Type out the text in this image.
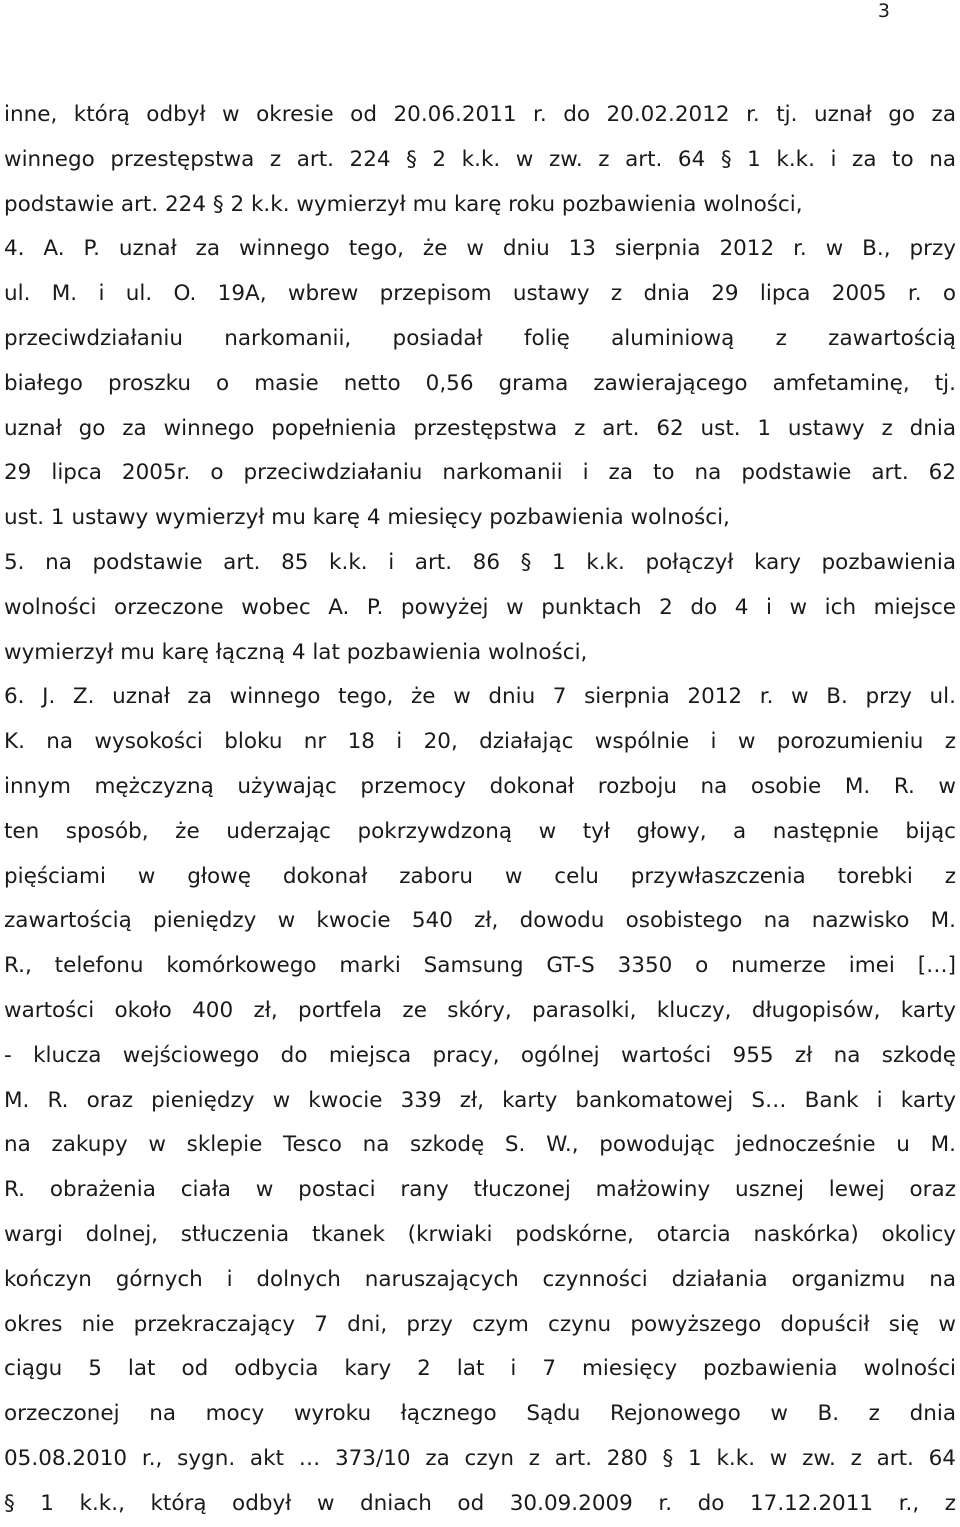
3
inne, którą odbył w okresie od 20.06.2011 r. do 20.02.2012 r. tj. uznał go za
winnego przestępstwa z art. 224 § 2 k.k. w zw. z art. 64 § 1 k.k. i za to na
podstawie art. 224 § 2 k.k. wymierzył mu karę roku pozbawienia wolności,
4. A. P. uznał za winnego tego, że w dniu 13 sierpnia 2012 r. w B., przy
ul. M. i ul. O. 19A, wbrew przepisom ustawy z dnia 29 lipca 2005 r. o
przeciwdziałaniu narkomanii, posiadał folię aluminiową z zawartością
białego proszku o masie netto 0,56 grama zawierającego amfetaminę, tj.
uznał go za winnego popełnienia przestępstwa z art. 62 ust. 1 ustawy z dnia
29 lipca 2005r. o przeciwdziałaniu narkomanii i za to na podstawie art. 62
ust. 1 ustawy wymierzył mu karę 4 miesięcy pozbawienia wolności,
5. na podstawie art. 85 k.k. i art. 86 § 1 k.k. połączył kary pozbawienia
wolności orzeczone wobec A. P. powyżej w punktach 2 do 4 i w ich miejsce
wymierzył mu karę łączną 4 lat pozbawienia wolności,
6. J. Z. uznał za winnego tego, że w dniu 7 sierpnia 2012 r. w B. przy ul.
K. na wysokości bloku nr 18 i 20, działając wspólnie i w porozumieniu z
innym mężczyzną używając przemocy dokonał rozboju na osobie M. R. w
ten sposób, że uderzając pokrzywdzoną w tył głowy, a następnie bijąc
pięściami w głowę dokonał zaboru w celu przywłaszczenia torebki z
zawartością pieniędzy w kwocie 540 zł, dowodu osobistego na nazwisko M.
R., telefonu komórkowego marki Samsung GT-S 3350 o numerze imei […]
wartości około 400 zł, portfela ze skóry, parasolki, kluczy, długopisów, karty
- klucza wejściowego do miejsca pracy, ogólnej wartości 955 zł na szkodę
M. R. oraz pieniędzy w kwocie 339 zł, karty bankomatowej S… Bank i karty
na zakupy w sklepie Tesco na szkodę S. W., powodując jednocześnie u M.
R. obrażenia ciała w postaci rany tłuczonej małżowiny usznej lewej oraz
wargi dolnej, stłuczenia tkanek (krwiaki podskórne, otarcia naskórka) okolicy
kończyn górnych i dolnych naruszających czynności działania organizmu na
okres nie przekraczający 7 dni, przy czym czynu powyższego dopuścił się w
ciągu 5 lat od odbycia kary 2 lat i 7 miesięcy pozbawienia wolności
orzeczonej na mocy wyroku łącznego Sądu Rejonowego w B. z dnia
05.08.2010 r., sygn. akt … 373/10 za czyn z art. 280 § 1 k.k. w zw. z art. 64
§ 1 k.k., którą odbył w dniach od 30.09.2009 r. do 17.12.2011 r., z
